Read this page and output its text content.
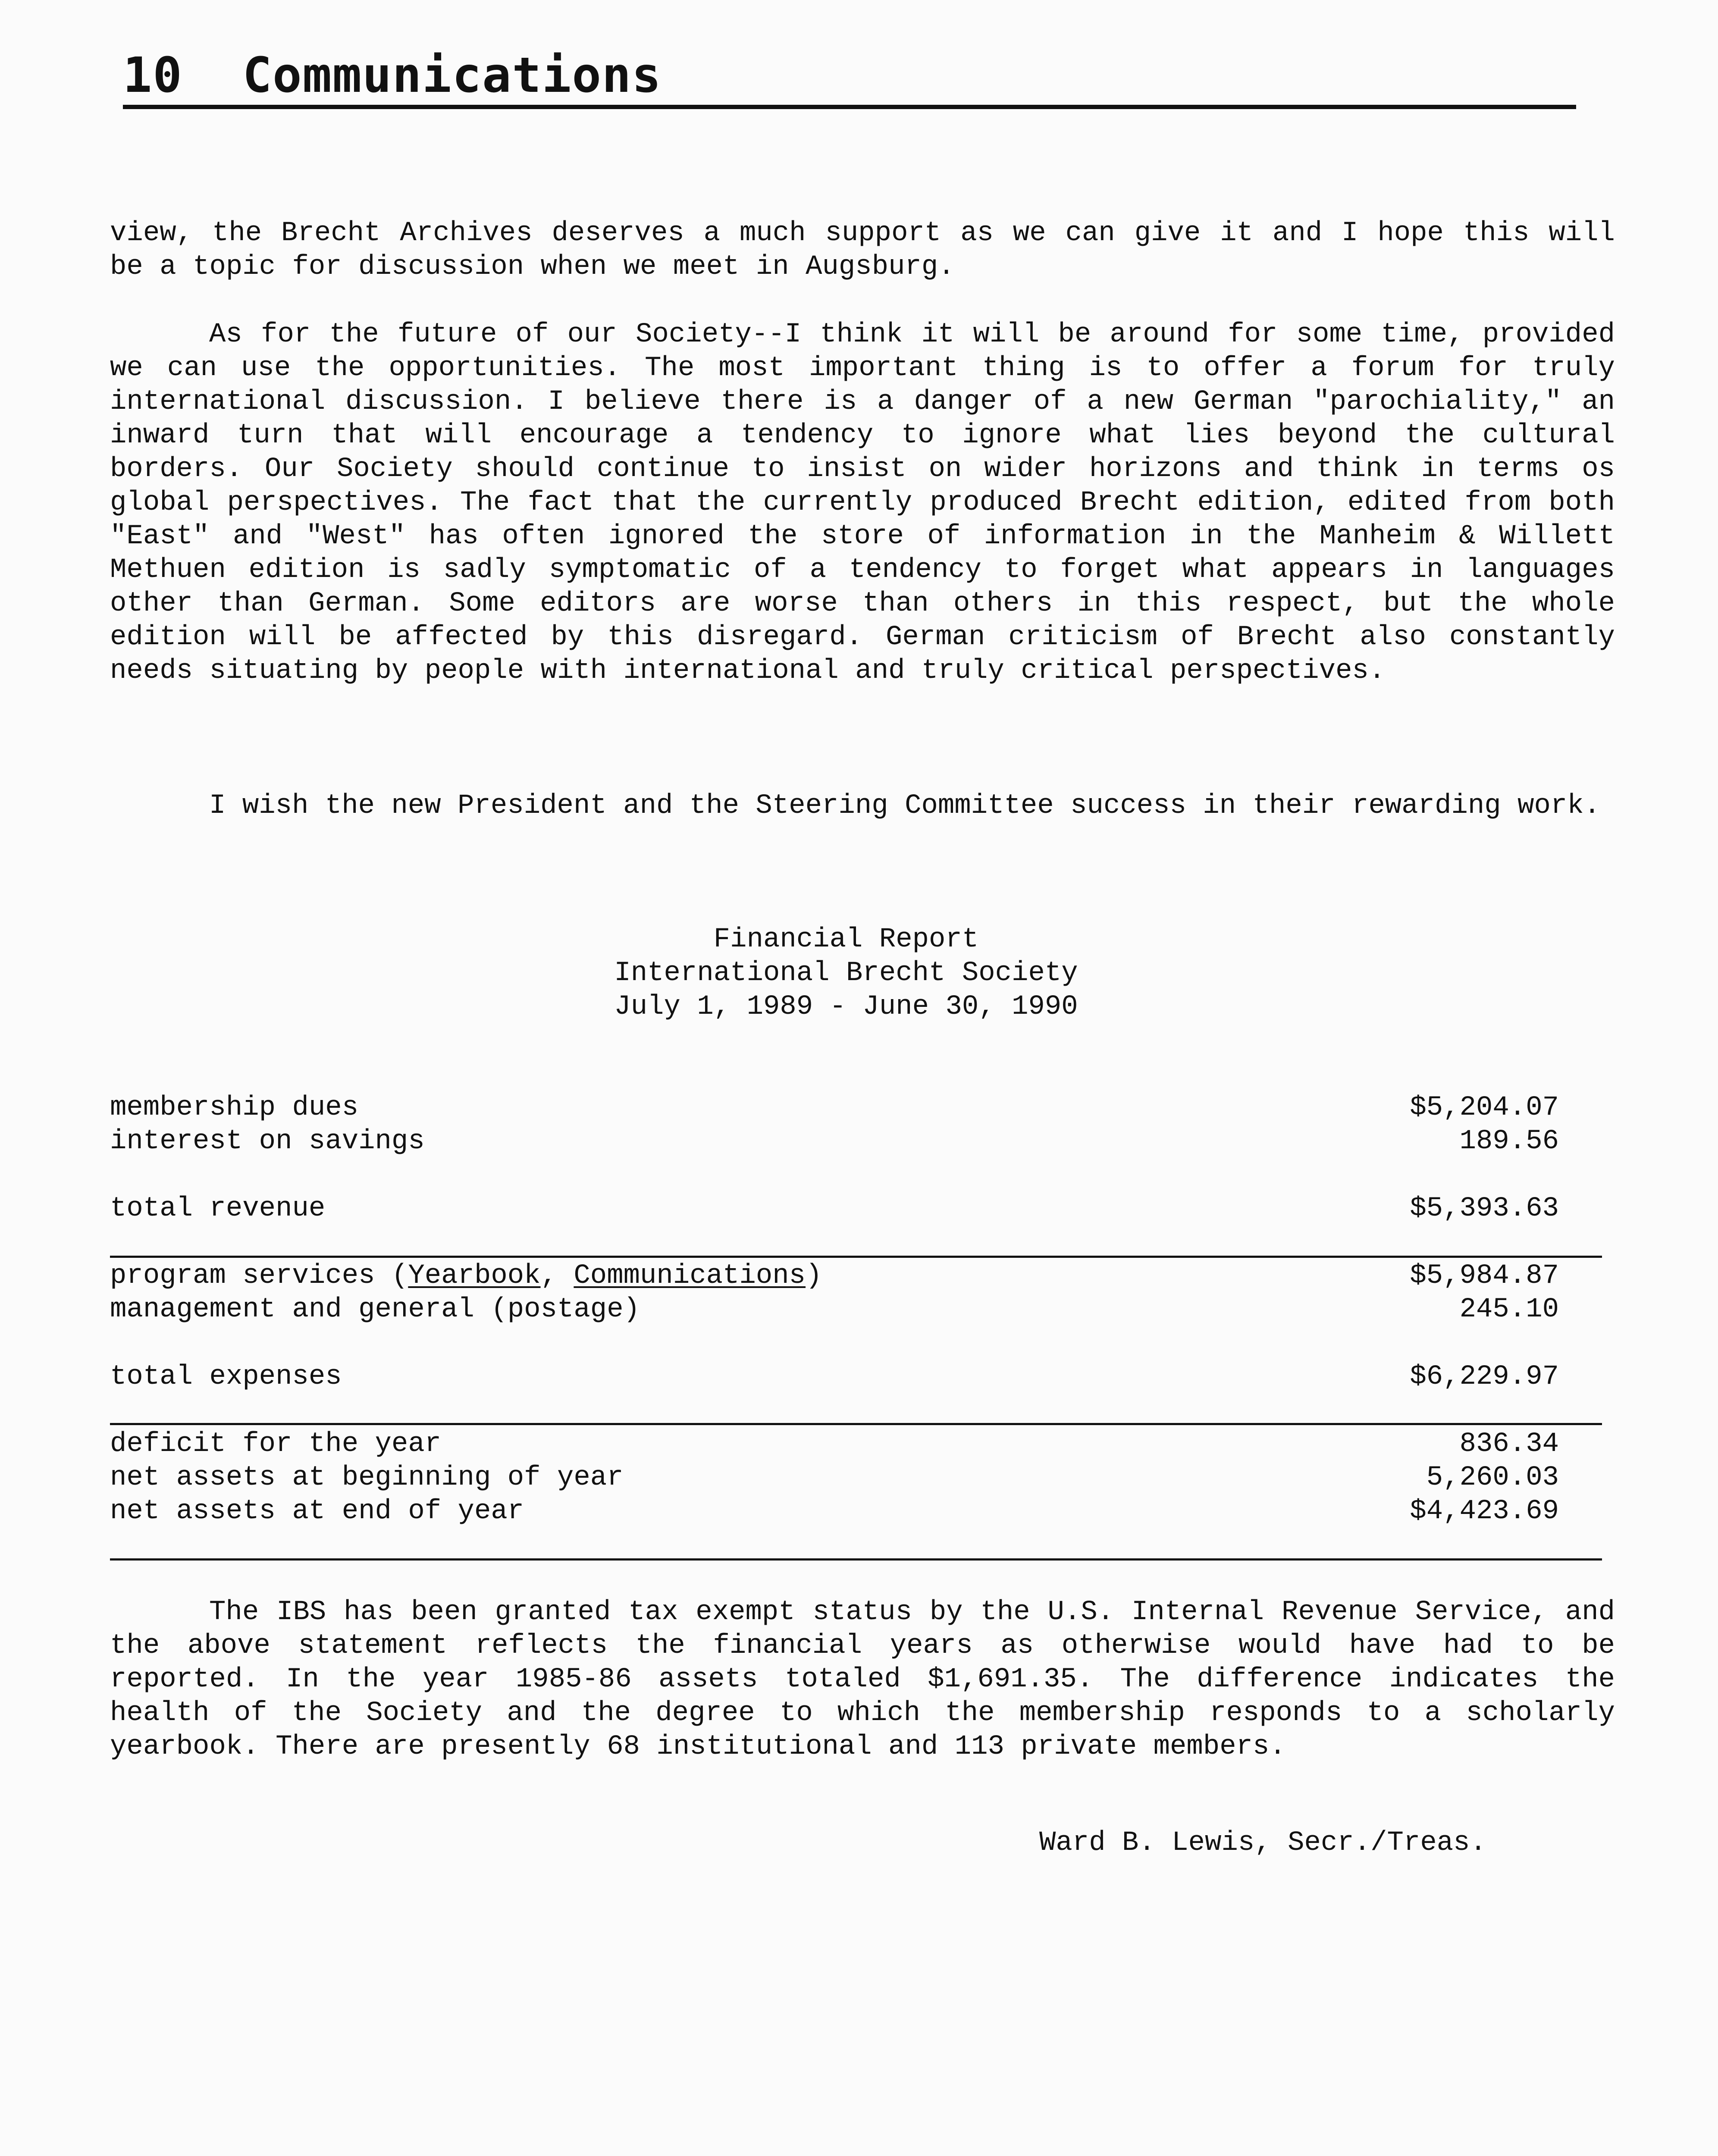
10 Communications

view, the Brecht Archives deserves a much support as we can give it and I hope this will be a topic for discussion when we meet in Augsburg.

As for the future of our Society--I think it will be around for some time, provided we can use the opportunities. The most important thing is to offer a forum for truly international discussion. I believe there is a danger of a new German "parochiality," an inward turn that will encourage a tendency to ignore what lies beyond the cultural borders. Our Society should continue to insist on wider horizons and think in terms os global perspectives. The fact that the currently produced Brecht edition, edited from both "East" and "West" has often ignored the store of information in the Manheim & Willett Methuen edition is sadly symptomatic of a tendency to forget what appears in languages other than German. Some editors are worse than others in this respect, but the whole edition will be affected by this disregard. German criticism of Brecht also constantly needs situating by people with international and truly critical perspectives.

I wish the new President and the Steering Committee success in their rewarding work.

Financial Report

International Brecht Society

July 1, 1989 - June 30, 1990

membership dues	$5,204.07
interest on savings	189.56
total revenue	$5,393.63
program services (Yearbook, Communications)	$5,984.87
management and general (postage)	245.10
total expenses	$6,229.97
deficit for the year	836.34
net assets at beginning of year	5,260.03
net assets at end of year	$4,423.69

The IBS has been granted tax exempt status by the U.S. Internal Revenue Service, and the above statement reflects the financial years as otherwise would have had to be reported. In the year 1985-86 assets totaled $1,691.35. The difference indicates the health of the Society and the degree to which the membership responds to a scholarly yearbook. There are presently 68 institutional and 113 private members.

Ward B. Lewis, Secr./Treas.
